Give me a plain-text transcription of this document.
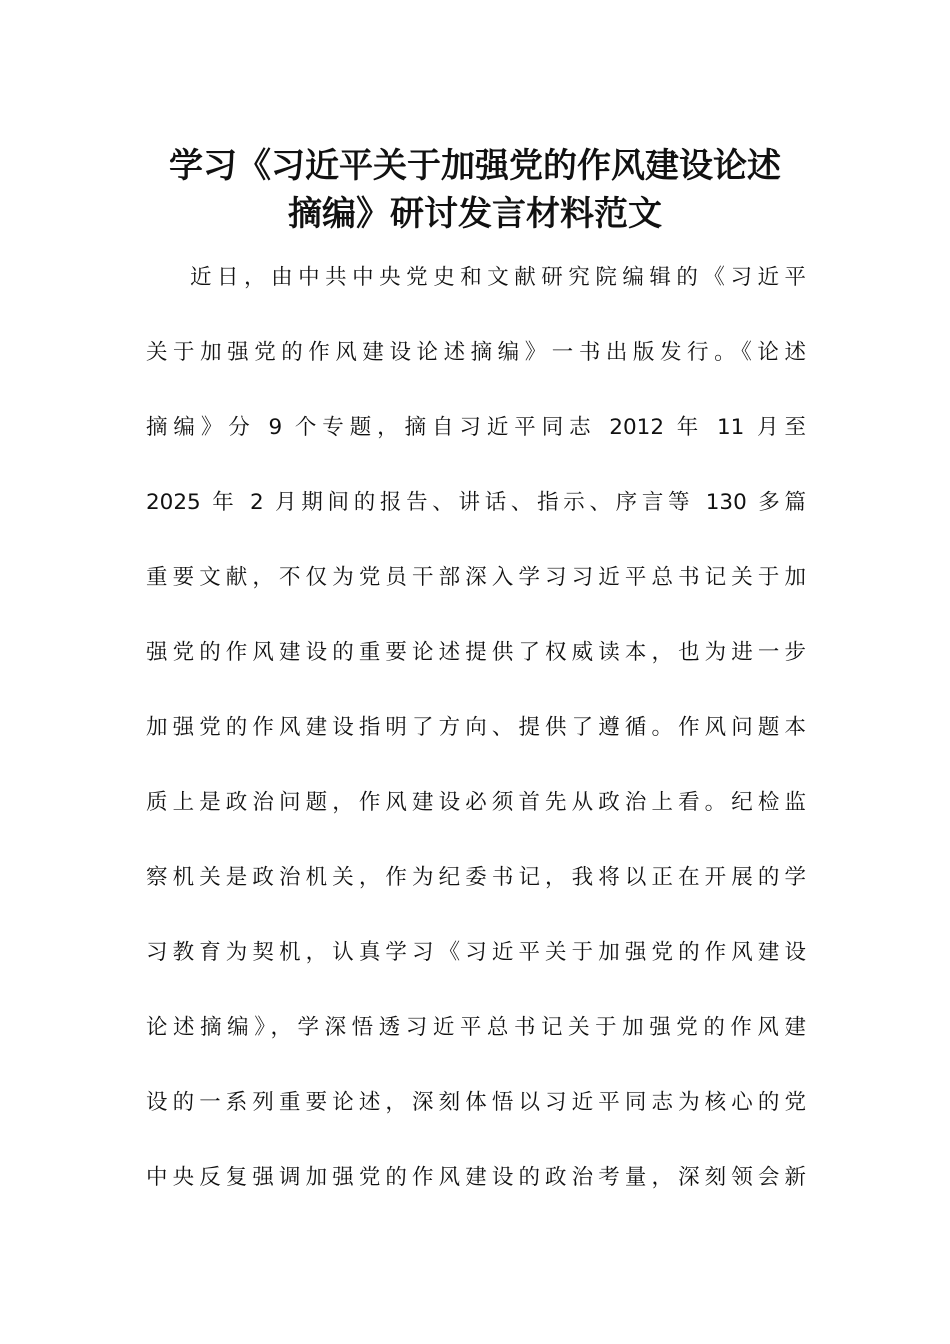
学习《习近平关于加强党的作风建设论述
摘编》研讨发言材料范文
近日，由中共中央党史和文献研究院编辑的《习近平
关于加强党的作风建设论述摘编》一书出版发行。《论述
摘编》分 9 个专题，摘自习近平同志 2012 年 11 月至
2025 年 2 月期间的报告、讲话、指示、序言等 130 多篇
重要文献，不仅为党员干部深入学习习近平总书记关于加
强党的作风建设的重要论述提供了权威读本，也为进一步
加强党的作风建设指明了方向、提供了遵循。作风问题本
质上是政治问题，作风建设必须首先从政治上看。纪检监
察机关是政治机关，作为纪委书记，我将以正在开展的学
习教育为契机，认真学习《习近平关于加强党的作风建设
论述摘编》，学深悟透习近平总书记关于加强党的作风建
设的一系列重要论述，深刻体悟以习近平同志为核心的党
中央反复强调加强党的作风建设的政治考量，深刻领会新
